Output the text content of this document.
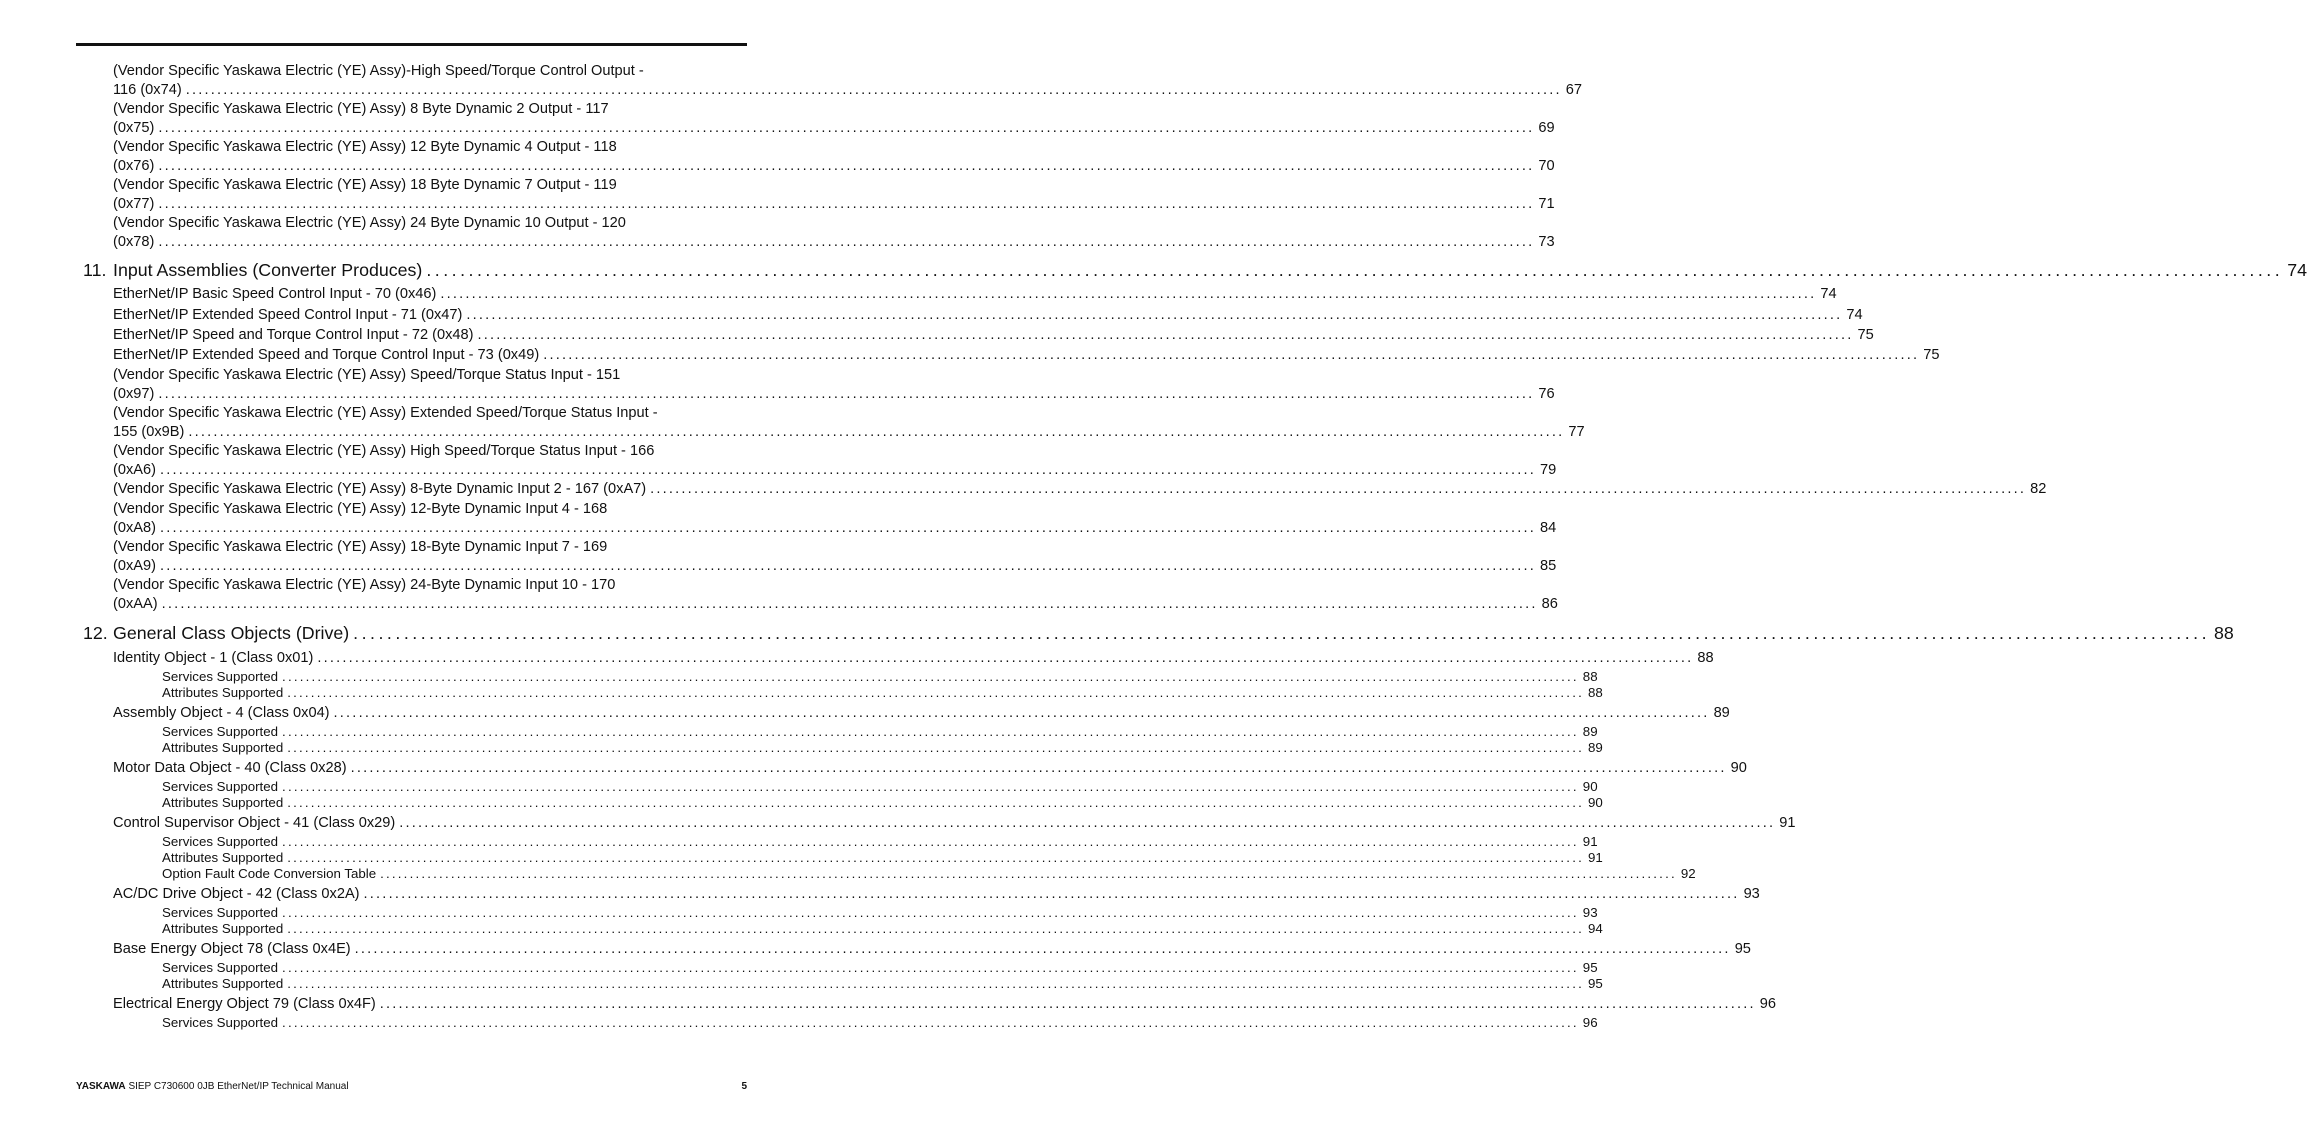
(Vendor Specific Yaskawa Electric (YE) Assy)-High Speed/Torque Control Output -
116 (0x74) ............................................................................................................................................................................................................................ 67
(Vendor Specific Yaskawa Electric (YE) Assy) 8 Byte Dynamic 2 Output - 117
(0x75) ............................................................................................................................................................................................................................ 69
(Vendor Specific Yaskawa Electric (YE) Assy) 12 Byte Dynamic 4 Output - 118
(0x76) ............................................................................................................................................................................................................................ 70
(Vendor Specific Yaskawa Electric (YE) Assy) 18 Byte Dynamic 7 Output - 119
(0x77) ............................................................................................................................................................................................................................ 71
(Vendor Specific Yaskawa Electric (YE) Assy) 24 Byte Dynamic 10 Output - 120
(0x78) ............................................................................................................................................................................................................................ 73
11. Input Assemblies (Converter Produces) ............................................................................................................................................................................................................................ 74
EtherNet/IP Basic Speed Control Input - 70 (0x46) ............................................................................................................................................................................................................................ 74
EtherNet/IP Extended Speed Control Input - 71 (0x47) ............................................................................................................................................................................................................................ 74
EtherNet/IP Speed and Torque Control Input - 72 (0x48) ............................................................................................................................................................................................................................ 75
EtherNet/IP Extended Speed and Torque Control Input - 73 (0x49) ............................................................................................................................................................................................................................ 75
(Vendor Specific Yaskawa Electric (YE) Assy) Speed/Torque Status Input - 151
(0x97) ............................................................................................................................................................................................................................ 76
(Vendor Specific Yaskawa Electric (YE) Assy) Extended Speed/Torque Status Input -
155 (0x9B) ............................................................................................................................................................................................................................ 77
(Vendor Specific Yaskawa Electric (YE) Assy) High Speed/Torque Status Input - 166
(0xA6) ............................................................................................................................................................................................................................ 79
(Vendor Specific Yaskawa Electric (YE) Assy) 8-Byte Dynamic Input 2 - 167 (0xA7) ............................................................................................................................................................................................................................ 82
(Vendor Specific Yaskawa Electric (YE) Assy) 12-Byte Dynamic Input 4 - 168
(0xA8) ............................................................................................................................................................................................................................ 84
(Vendor Specific Yaskawa Electric (YE) Assy) 18-Byte Dynamic Input 7 - 169
(0xA9) ............................................................................................................................................................................................................................ 85
(Vendor Specific Yaskawa Electric (YE) Assy) 24-Byte Dynamic Input 10 - 170
(0xAA) ............................................................................................................................................................................................................................ 86
12. General Class Objects (Drive) ............................................................................................................................................................................................................................ 88
Identity Object - 1 (Class 0x01) ............................................................................................................................................................................................................................ 88
Services Supported ............................................................................................................................................................................................................................ 88
Attributes Supported ............................................................................................................................................................................................................................ 88
Assembly Object - 4 (Class 0x04) ............................................................................................................................................................................................................................ 89
Services Supported ............................................................................................................................................................................................................................ 89
Attributes Supported ............................................................................................................................................................................................................................ 89
Motor Data Object - 40 (Class 0x28) ............................................................................................................................................................................................................................ 90
Services Supported ............................................................................................................................................................................................................................ 90
Attributes Supported ............................................................................................................................................................................................................................ 90
Control Supervisor Object - 41 (Class 0x29) ............................................................................................................................................................................................................................ 91
Services Supported ............................................................................................................................................................................................................................ 91
Attributes Supported ............................................................................................................................................................................................................................ 91
Option Fault Code Conversion Table ............................................................................................................................................................................................................................ 92
AC/DC Drive Object - 42 (Class 0x2A) ............................................................................................................................................................................................................................ 93
Services Supported ............................................................................................................................................................................................................................ 93
Attributes Supported ............................................................................................................................................................................................................................ 94
Base Energy Object 78 (Class 0x4E) ............................................................................................................................................................................................................................ 95
Services Supported ............................................................................................................................................................................................................................ 95
Attributes Supported ............................................................................................................................................................................................................................ 95
Electrical Energy Object 79 (Class 0x4F) ............................................................................................................................................................................................................................ 96
Services Supported ............................................................................................................................................................................................................................ 96
YASKAWA SIEP C730600 0JB EtherNet/IP Technical Manual	5
